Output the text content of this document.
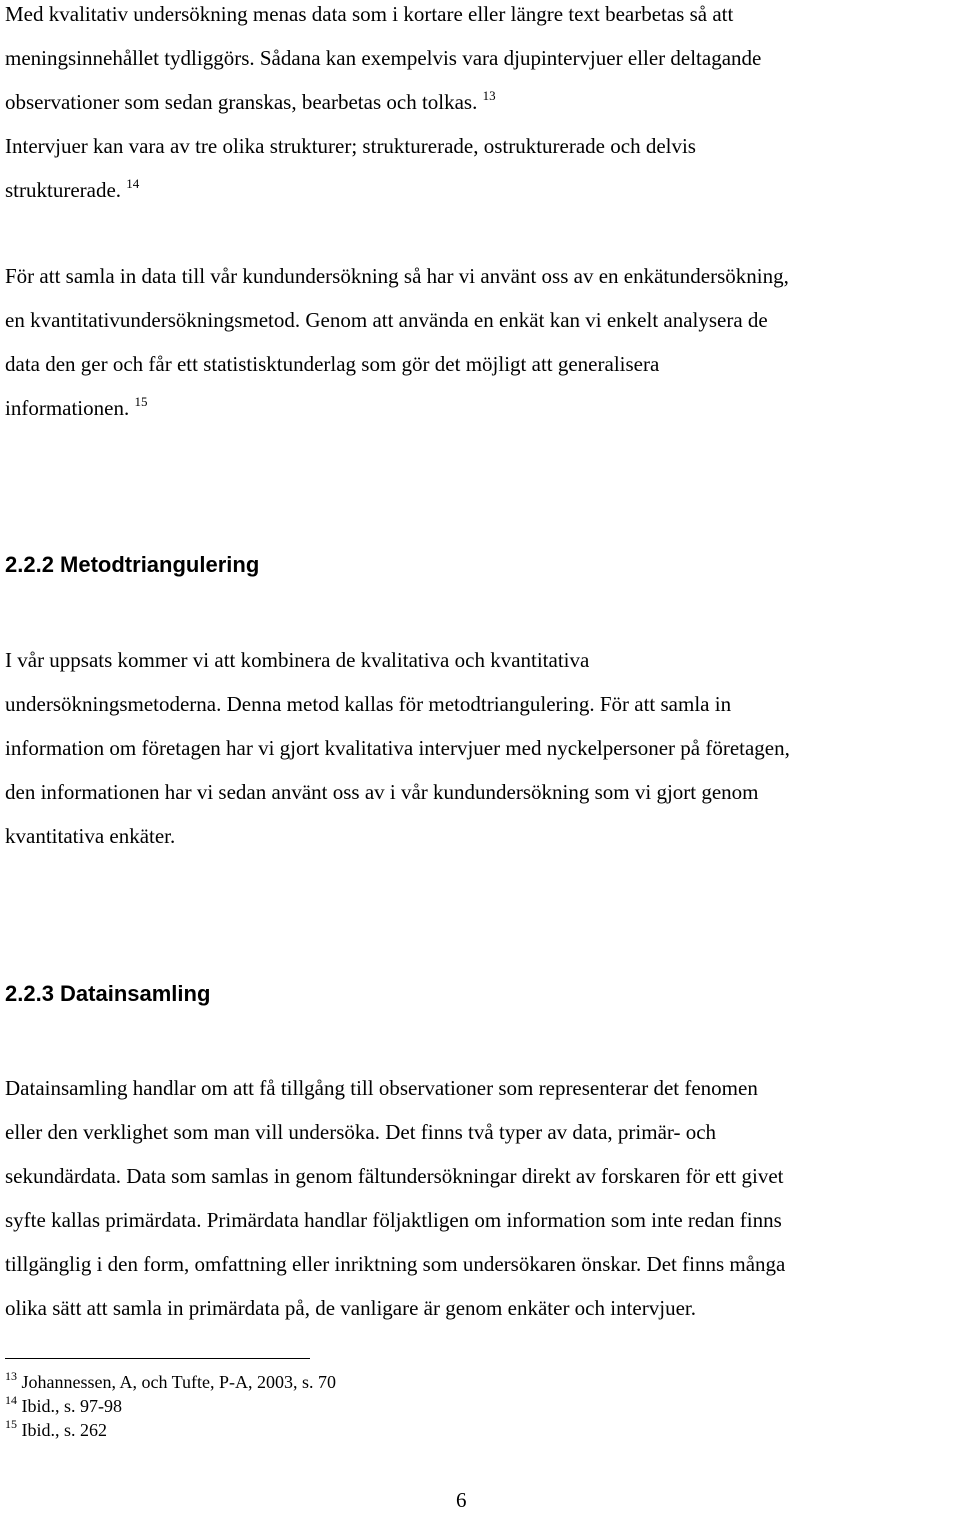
Med kvalitativ undersökning menas data som i kortare eller längre text bearbetas så att
meningsinnehållet tydliggörs. Sådana kan exempelvis vara djupintervjuer eller deltagande
observationer som sedan granskas, bearbetas och tolkas. $^{13}$
Intervjuer kan vara av tre olika strukturer; strukturerade, ostrukturerade och delvis
strukturerade. $^{14}$

För att samla in data till vår kundundersökning så har vi använt oss av en enkätundersökning,
en kvantitativundersökningsmetod. Genom att använda en enkät kan vi enkelt analysera de
data den ger och får ett statistisktunderlag som gör det möjligt att generalisera
informationen. $^{15}$

2.2.2 Metodtriangulering

I vår uppsats kommer vi att kombinera de kvalitativa och kvantitativa
undersökningsmetoderna. Denna metod kallas för metodtriangulering. För att samla in
information om företagen har vi gjort kvalitativa intervjuer med nyckelpersoner på företagen,
den informationen har vi sedan använt oss av i vår kundundersökning som vi gjort genom
kvantitativa enkäter.

2.2.3 Datainsamling

Datainsamling handlar om att få tillgång till observationer som representerar det fenomen
eller den verklighet som man vill undersöka. Det finns två typer av data, primär- och
sekundärdata. Data som samlas in genom fältundersökningar direkt av forskaren för ett givet
syfte kallas primärdata. Primärdata handlar följaktligen om information som inte redan finns
tillgänglig i den form, omfattning eller inriktning som undersökaren önskar. Det finns många
olika sätt att samla in primärdata på, de vanligare är genom enkäter och intervjuer.

$^{13}$ Johannessen, A, och Tufte, P-A, 2003, s. 70

$^{14}$ Ibid., s. 97-98

$^{15}$ Ibid., s. 262

6
